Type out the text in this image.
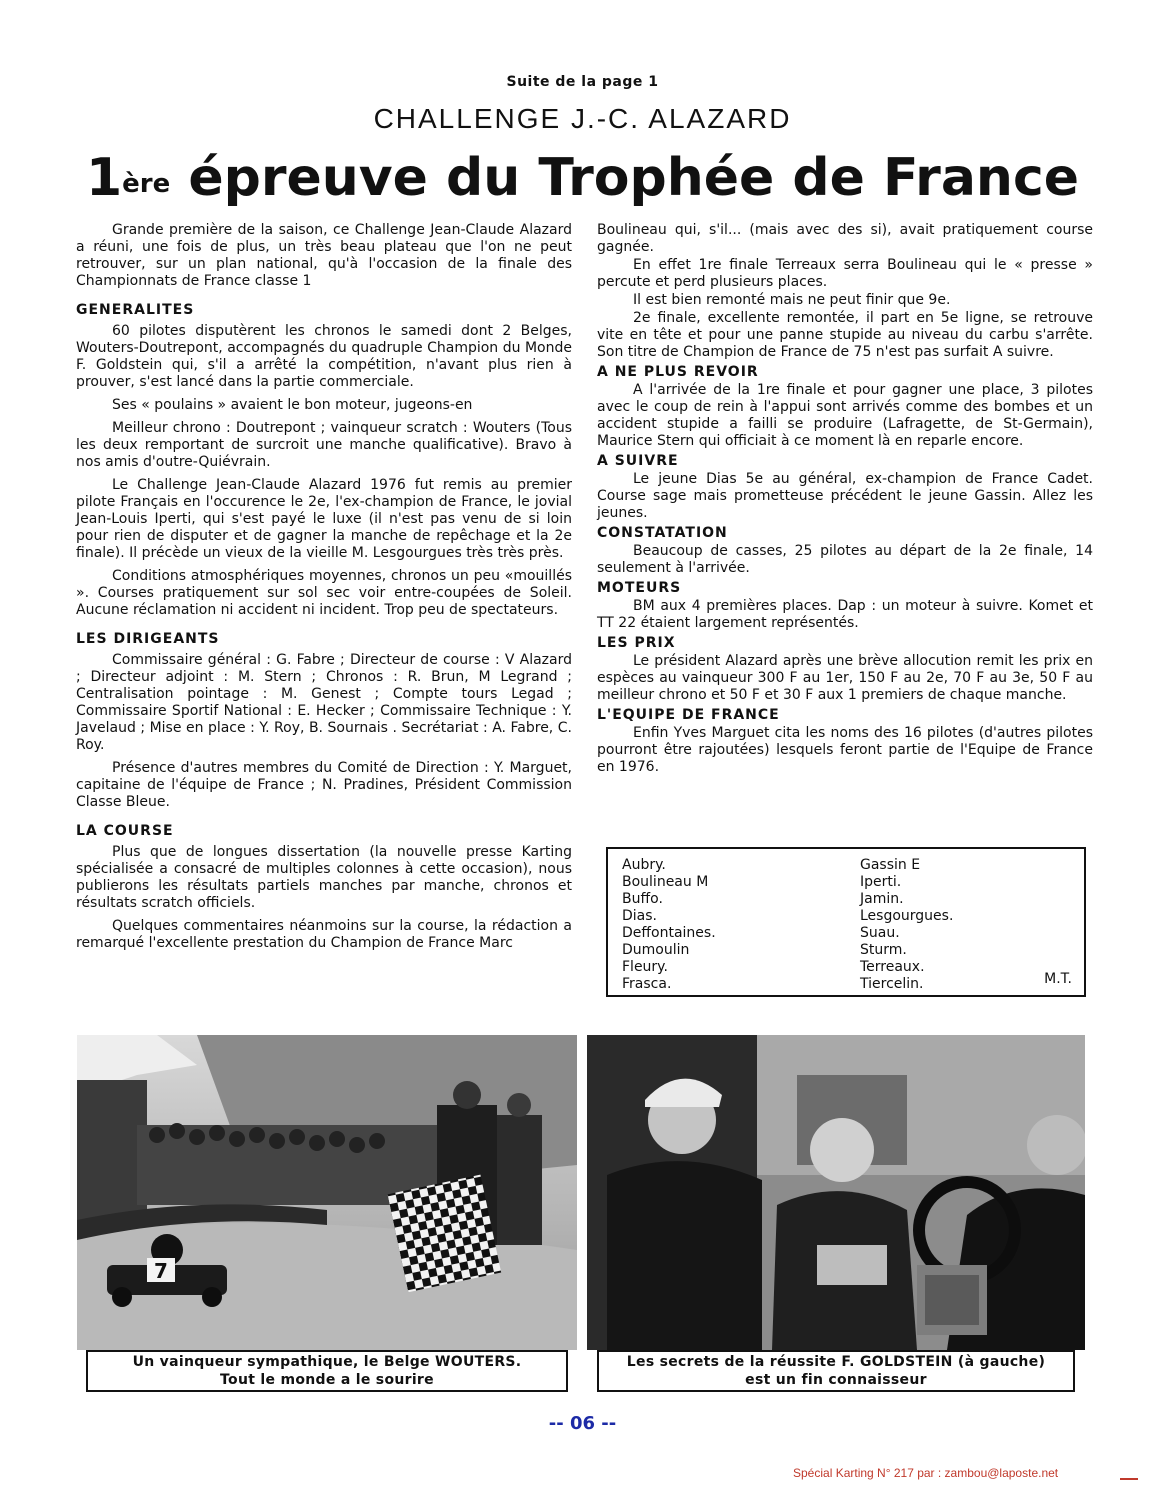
Suite de la page 1
CHALLENGE J.-C. ALAZARD
1ère épreuve du Trophée de France

Grande première de la saison, ce Challenge Jean-Claude Alazard a réuni, une fois de plus, un très beau plateau que l'on ne peut retrouver, sur un plan national, qu'à l'occasion de la finale des Championnats de France classe 1

GENERALITES

60 pilotes disputèrent les chronos le samedi dont 2 Belges, Wouters-Doutrepont, accompagnés du quadruple Champion du Monde F. Goldstein qui, s'il a arrêté la compétition, n'avant plus rien à prouver, s'est lancé dans la partie commerciale.

Ses « poulains » avaient le bon moteur, jugeons-en

Meilleur chrono : Doutrepont ; vainqueur scratch : Wouters (Tous les deux remportant de surcroit une manche qualificative). Bravo à nos amis d'outre-Quiévrain.

Le Challenge Jean-Claude Alazard 1976 fut remis au premier pilote Français en l'occurence le 2e, l'ex-champion de France, le jovial Jean-Louis Iperti, qui s'est payé le luxe (il n'est pas venu de si loin pour rien de disputer et de gagner la manche de repêchage et la 2e finale). Il précède un vieux de la vieille M. Lesgourgues très très près.

Conditions atmosphériques moyennes, chronos un peu «mouillés ». Courses pratiquement sur sol sec voir entre-coupées de Soleil. Aucune réclamation ni accident ni incident. Trop peu de spectateurs.

LES DIRIGEANTS

Commissaire général : G. Fabre ; Directeur de course : V Alazard ; Directeur adjoint : M. Stern ; Chronos : R. Brun, M Legrand ; Centralisation pointage : M. Genest ; Compte tours Legad ; Commissaire Sportif National : E. Hecker ; Commissaire Technique : Y. Javelaud ; Mise en place : Y. Roy, B. Sournais . Secrétariat : A. Fabre, C. Roy.

Présence d'autres membres du Comité de Direction : Y. Marguet, capitaine de l'équipe de France ; N. Pradines, Président Commission Classe Bleue.

LA COURSE

Plus que de longues dissertation (la nouvelle presse Karting spécialisée a consacré de multiples colonnes à cette occasion), nous publierons les résultats partiels manches par manche, chronos et résultats scratch officiels.

Quelques commentaires néanmoins sur la course, la rédaction a remarqué l'excellente prestation du Champion de France Marc

Boulineau qui, s'il... (mais avec des si), avait pratiquement course gagnée.

En effet 1re finale Terreaux serra Boulineau qui le « presse » percute et perd plusieurs places.

Il est bien remonté mais ne peut finir que 9e.

2e finale, excellente remontée, il part en 5e ligne, se retrouve vite en tête et pour une panne stupide au niveau du carbu s'arrête. Son titre de Champion de France de 75 n'est pas surfait A suivre.

A NE PLUS REVOIR

A l'arrivée de la 1re finale et pour gagner une place, 3 pilotes avec le coup de rein à l'appui sont arrivés comme des bombes et un accident stupide a failli se produire (Lafragette, de St-Germain), Maurice Stern qui officiait à ce moment là en reparle encore.

A SUIVRE

Le jeune Dias 5e au général, ex-champion de France Cadet. Course sage mais prometteuse précédent le jeune Gassin. Allez les jeunes.

CONSTATATION

Beaucoup de casses, 25 pilotes au départ de la 2e finale, 14 seulement à l'arrivée.

MOTEURS

BM aux 4 premières places. Dap : un moteur à suivre. Komet et TT 22 étaient largement représentés.

LES PRIX

Le président Alazard après une brève allocution remit les prix en espèces au vainqueur 300 F au 1er, 150 F au 2e, 70 F au 3e, 50 F au meilleur chrono et 50 F et 30 F aux 1 premiers de chaque manche.

L'EQUIPE DE FRANCE

Enfin Yves Marguet cita les noms des 16 pilotes (d'autres pilotes pourront être rajoutées) lesquels feront partie de l'Equipe de France en 1976.

Aubry.
Boulineau M
Buffo.
Dias.
Deffontaines.
Dumoulin
Fleury.
Frasca.
Gassin E
Iperti.
Jamin.
Lesgourgues.
Suau.
Sturm.
Terreaux.
Tiercelin.	M.T.
7
Un vainqueur sympathique, le Belge WOUTERS.
Tout le monde a le sourire
Les secrets de la réussite F. GOLDSTEIN (à gauche)
est un fin connaisseur
-- 06 --
Spécial Karting N° 217 par : zambou@laposte.net
